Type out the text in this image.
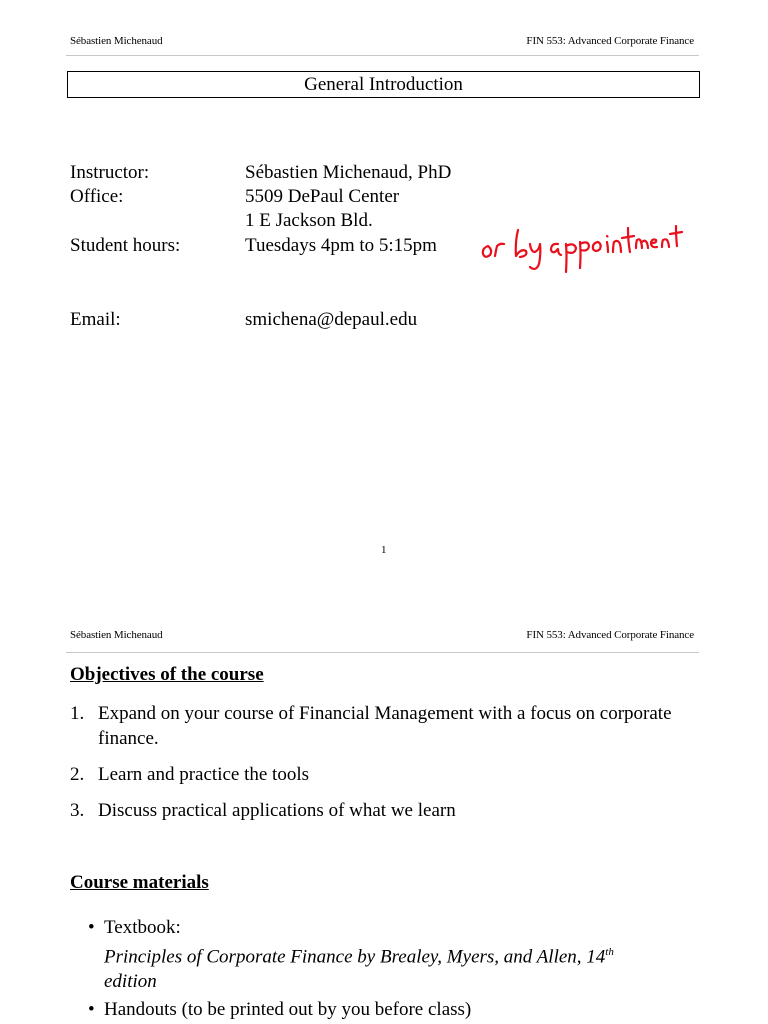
Sébastien Michenaud	FIN 553: Advanced Corporate Finance
General Introduction
Instructor:	Sébastien Michenaud, PhD
Office:	5509 DePaul Center
1 E Jackson Bld.
Student hours:	Tuesdays 4pm to 5:15pm
Email:	smichena@depaul.edu
1
Sébastien Michenaud	FIN 553: Advanced Corporate Finance
Objectives of the course
1. Expand on your course of Financial Management with a focus on corporate finance.
2. Learn and practice the tools
3. Discuss practical applications of what we learn
Course materials
• Textbook:
Principles of Corporate Finance by Brealey, Myers, and Allen, 14th
edition
• Handouts (to be printed out by you before class)
